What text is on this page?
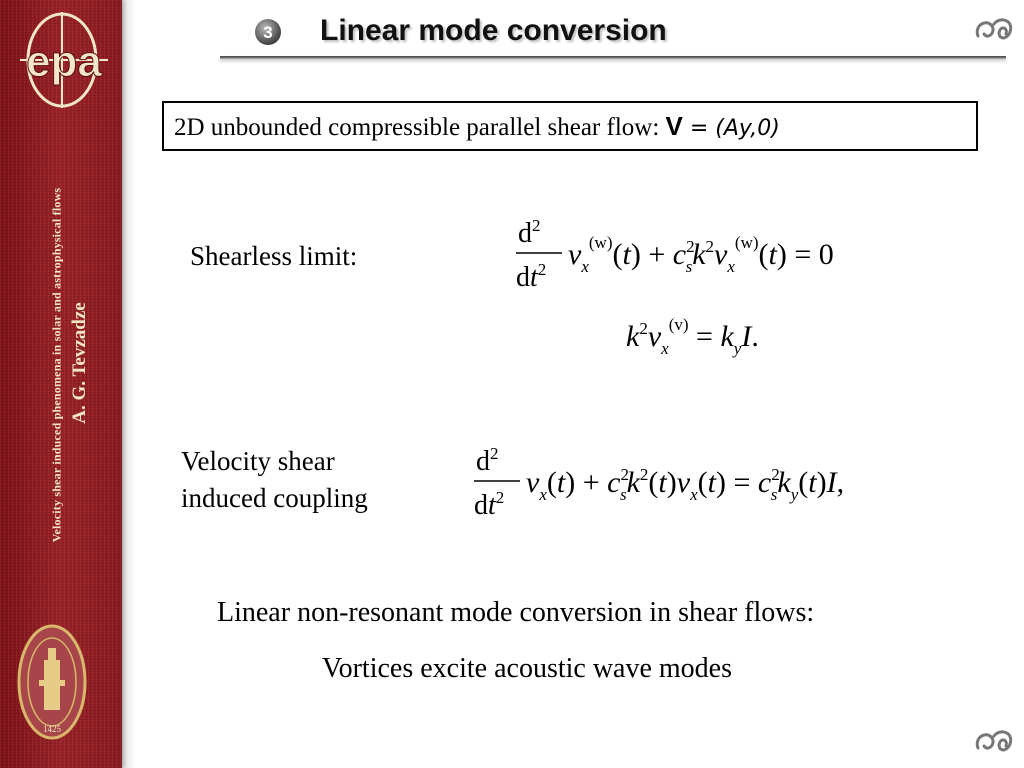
epa
Velocity shear induced phenomena in solar and astrophysical flows A. G. Tevzadze
1425
3 Linear mode conversion
2D unbounded compressible parallel shear flow: V = (Ay,0)
Shearless limit:
$d^2$
$dt^2$ $v_x^{(w)}(t) + c^2$ $sk^2v_x^{(w)}(t) = 0$
$k^2v_x^{(v)} = k_yI$.
Velocity shear
induced coupling
$d^2$
$dt^2$ $v_x(t) + c^2$ $sk^2(t)v_x(t) = c^2$ $sk_y(t)I$,
Linear non-resonant mode conversion in shear flows:
Vortices excite acoustic wave modes
